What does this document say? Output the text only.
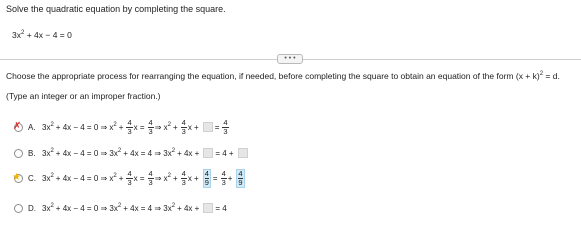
Solve the quadratic equation by completing the square.
$3x^2 + 4x - 4 = 0$
• • •
Choose the appropriate process for rearranging the equation, if needed, before completing the square to obtain an equation of the form $(x + k)^2 = d$.
(Type an integer or an improper fraction.)
✗ A. $3x^2 + 4x - 4 = 0$ ⇒ $x^2 + \frac{4}{3}$ $x = \frac{4}{3}$ ⇒ $x^2 + \frac{4}{3}$ x + = $\frac{4}{3}$
B. $3x^2 + 4x - 4 = 0$ ⇒ $3x^2 + 4x = 4$ ⇒ $3x^2 + 4x$ + = 4 +
★ C. $3x^2 + 4x - 4 = 0$ ⇒ $x^2 + \frac{4}{3}$ $x = \frac{4}{3}$ ⇒ $x^2 + \frac{4}{3}$ $x + \frac{4}{9} = \frac{4}{3} + \frac{4}{9}$
D. $3x^2 + 4x - 4 = 0$ ⇒ $3x^2 + 4x = 4$ ⇒ $3x^2 + 4x$ + = 4
